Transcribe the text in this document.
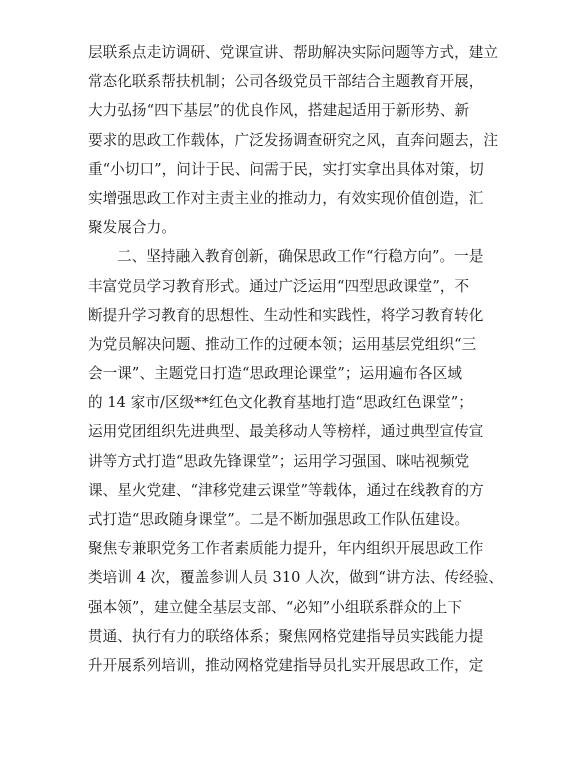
层联系点走访调研、党课宣讲、帮助解决实际问题等方式，建立
常态化联系帮扶机制；公司各级党员干部结合主题教育开展，
大力弘扬“四下基层”的优良作风，搭建起适用于新形势、新
要求的思政工作载体，广泛发扬调查研究之风，直奔问题去，注
重“小切口”，问计于民、问需于民，实打实拿出具体对策，切
实增强思政工作对主责主业的推动力，有效实现价值创造，汇
聚发展合力。
二、坚持融入教育创新，确保思政工作“行稳方向”。一是
丰富党员学习教育形式。通过广泛运用“四型思政课堂”，不
断提升学习教育的思想性、生动性和实践性，将学习教育转化
为党员解决问题、推动工作的过硬本领；运用基层党组织“三
会一课”、主题党日打造“思政理论课堂”；运用遍布各区域
的 14 家市/区级**红色文化教育基地打造“思政红色课堂”；
运用党团组织先进典型、最美移动人等榜样，通过典型宣传宣
讲等方式打造“思政先锋课堂”；运用学习强国、咪咕视频党
课、星火党建、“津移党建云课堂”等载体，通过在线教育的方
式打造“思政随身课堂”。二是不断加强思政工作队伍建设。
聚焦专兼职党务工作者素质能力提升，年内组织开展思政工作
类培训 4 次，覆盖参训人员 310 人次，做到“讲方法、传经验、
强本领”，建立健全基层支部、“必知”小组联系群众的上下
贯通、执行有力的联络体系；聚焦网格党建指导员实践能力提
升开展系列培训，推动网格党建指导员扎实开展思政工作，定
